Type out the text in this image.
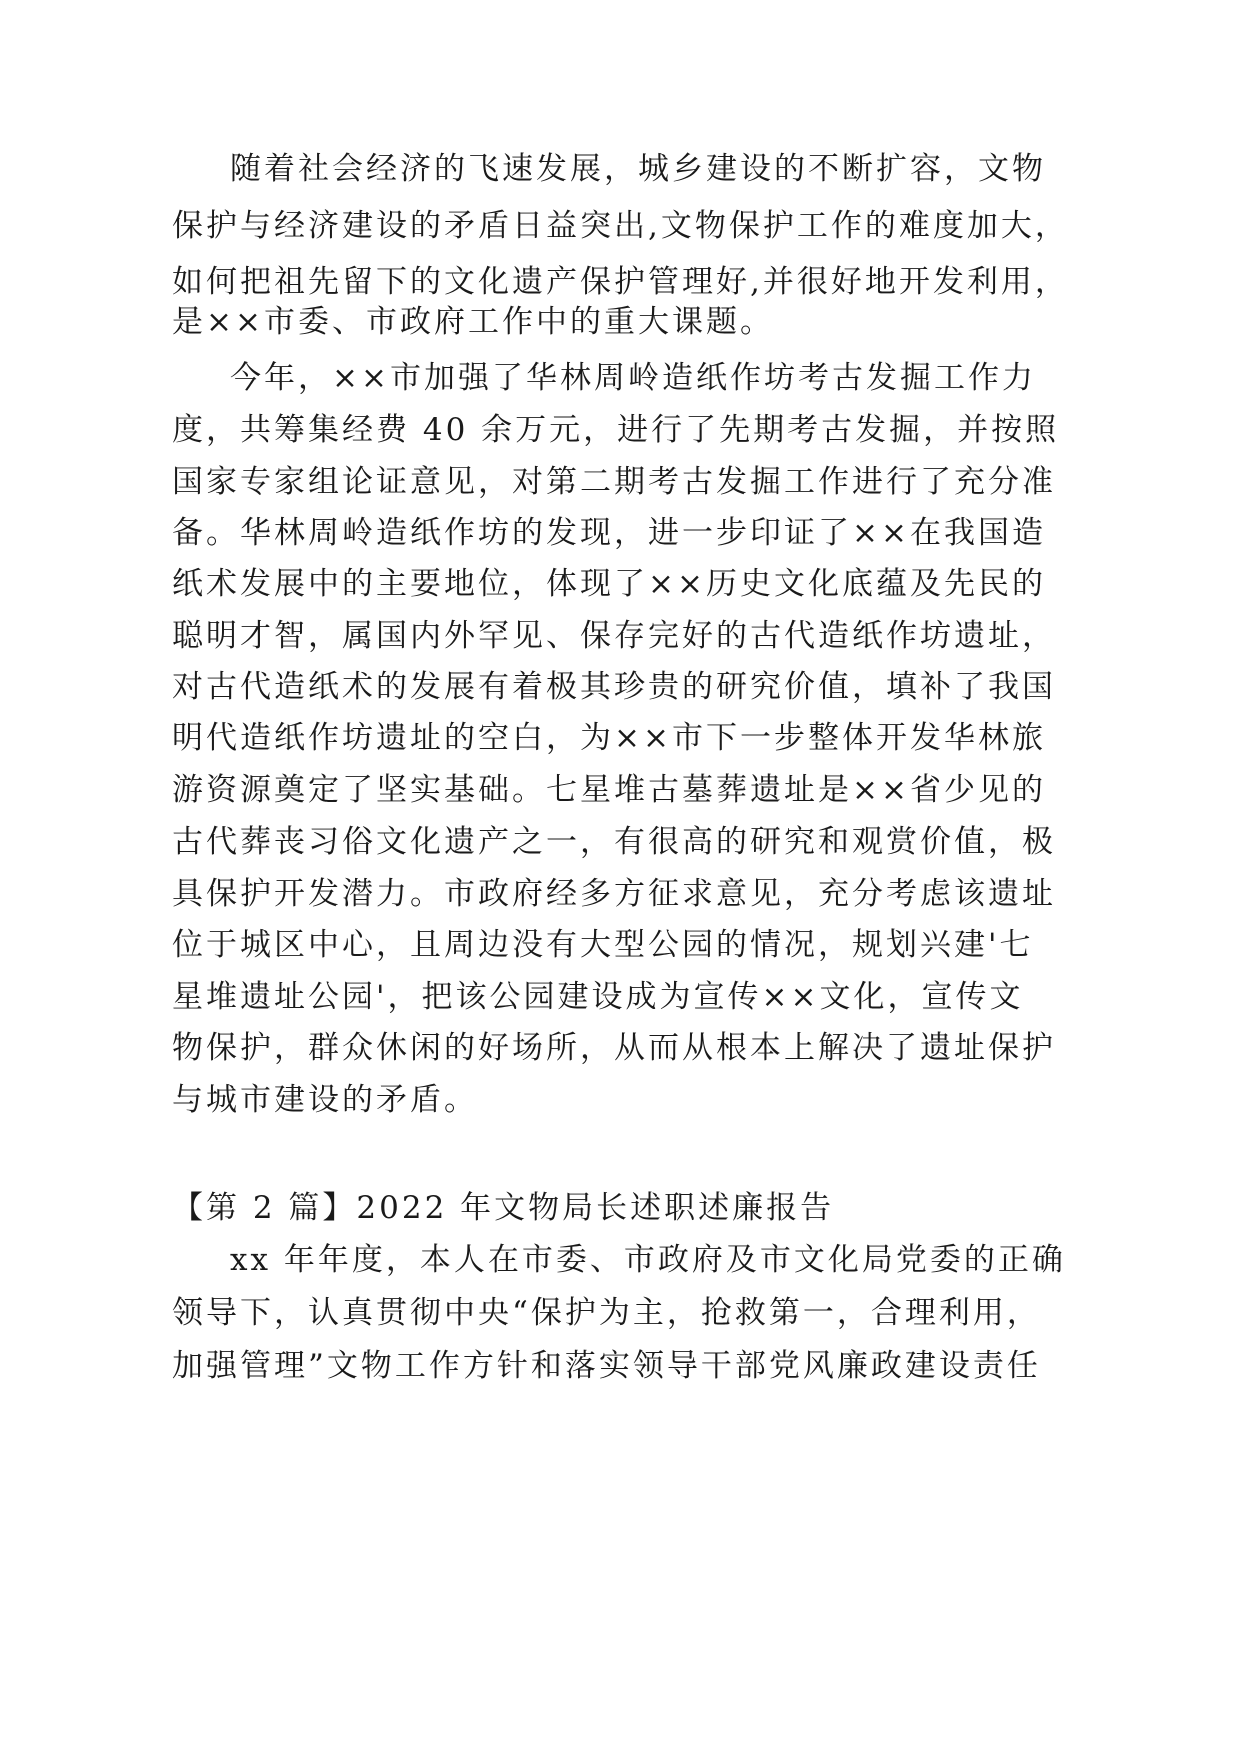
随着社会经济的飞速发展，城乡建设的不断扩容，文物
保护与经济建设的矛盾日益突出,文物保护工作的难度加大，
如何把祖先留下的文化遗产保护管理好,并很好地开发利用，
是××市委、市政府工作中的重大课题。
今年，××市加强了华林周岭造纸作坊考古发掘工作力
度，共筹集经费 40 余万元，进行了先期考古发掘，并按照
国家专家组论证意见，对第二期考古发掘工作进行了充分准
备。华林周岭造纸作坊的发现，进一步印证了××在我国造
纸术发展中的主要地位，体现了××历史文化底蕴及先民的
聪明才智，属国内外罕见、保存完好的古代造纸作坊遗址，
对古代造纸术的发展有着极其珍贵的研究价值，填补了我国
明代造纸作坊遗址的空白，为××市下一步整体开发华林旅
游资源奠定了坚实基础。七星堆古墓葬遗址是××省少见的
古代葬丧习俗文化遗产之一，有很高的研究和观赏价值，极
具保护开发潜力。市政府经多方征求意见，充分考虑该遗址
位于城区中心，且周边没有大型公园的情况，规划兴建'七
星堆遗址公园'，把该公园建设成为宣传××文化，宣传文
物保护，群众休闲的好场所，从而从根本上解决了遗址保护
与城市建设的矛盾。
【第 2 篇】2022 年文物局长述职述廉报告
xx 年年度，本人在市委、市政府及市文化局党委的正确
领导下，认真贯彻中央“保护为主，抢救第一，合理利用，
加强管理”文物工作方针和落实领导干部党风廉政建设责任
